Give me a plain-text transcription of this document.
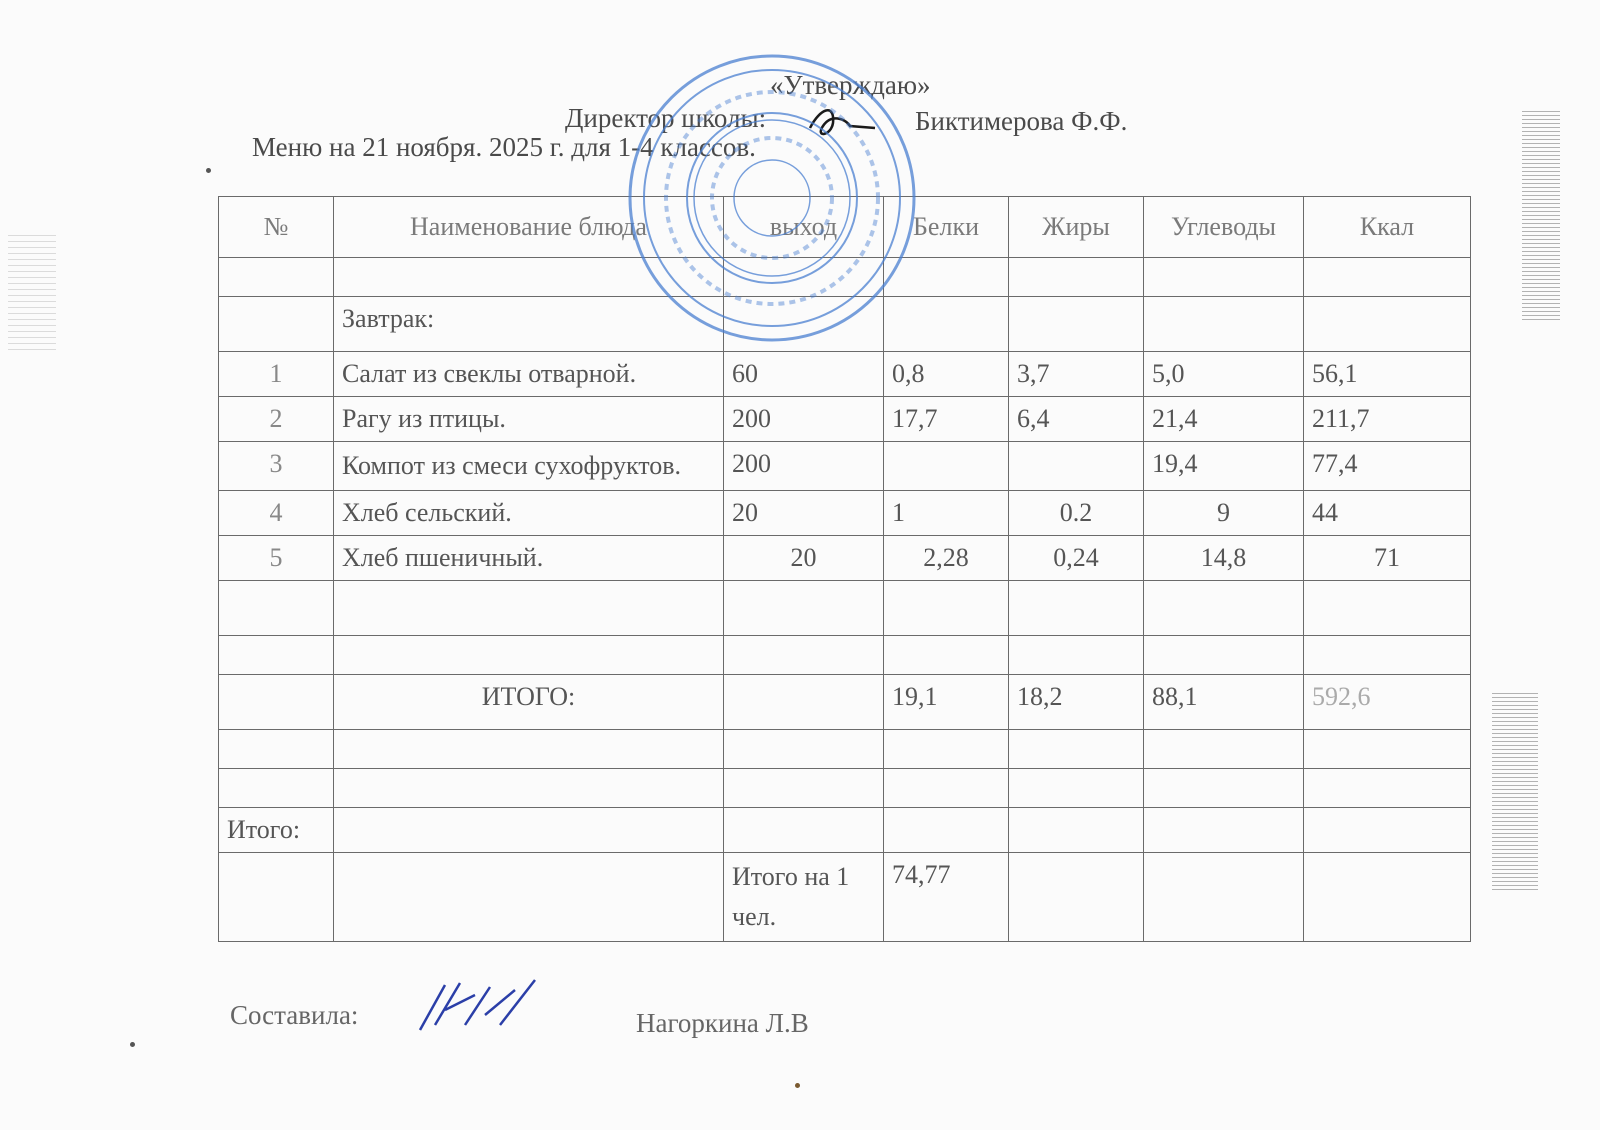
«Утверждаю»
Директор школы:	Биктимерова Ф.Ф.
Меню на 21 ноября. 2025 г. для 1-4 классов.
№	Наименование блюда	выход	Белки	Жиры	Углеводы	Ккал

	Завтрак:					
1	Салат из свеклы отварной.	60	0,8	3,7	5,0	56,1
2	Рагу из птицы.	200	17,7	6,4	21,4	211,7
3	Компот из смеси сухофруктов.	200			19,4	77,4
4	Хлеб сельский.	20	1	0.2	9	44
5	Хлеб пшеничный.	20	2,28	0,24	14,8	71

	ИТОГО:		19,1	18,2	88,1	592,6

Итого:						
		Итого на 1 чел.	74,77			
Составила:	Нагоркина Л.В
